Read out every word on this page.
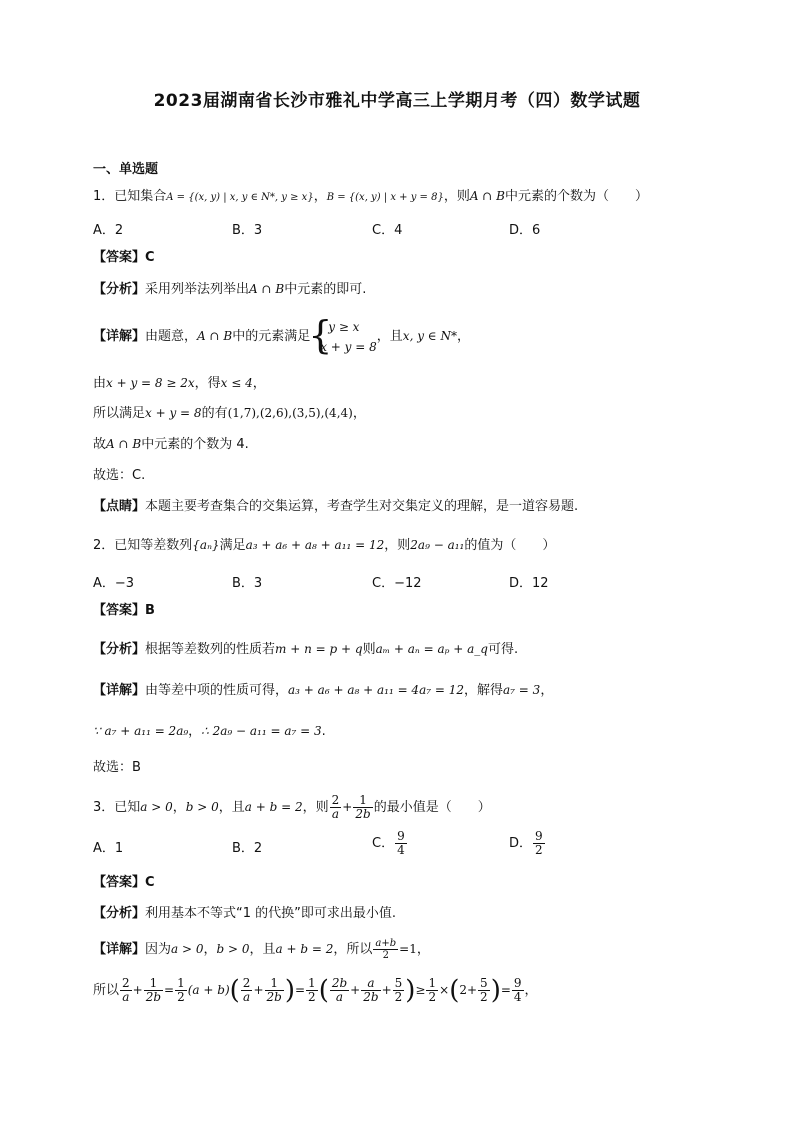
2023届湖南省长沙市雅礼中学高三上学期月考（四）数学试题
一、单选题
1．已知集合A = {(x, y) | x, y ∈ N*, y ≥ x}，B = {(x, y) | x + y = 8}，则A ∩ B中元素的个数为（　　）
A．2	B．3	C．4	D．6
【答案】C
【分析】采用列举法列举出A ∩ B中元素的即可.
【详解】由题意，A ∩ B中的元素满足
{ y ≥ x
x + y = 8
，且x, y ∈ N*，
由x + y = 8 ≥ 2x，得x ≤ 4，
所以满足x + y = 8的有(1,7),(2,6),(3,5),(4,4)，
故A ∩ B中元素的个数为 4.
故选：C.
【点睛】本题主要考查集合的交集运算，考查学生对交集定义的理解，是一道容易题.
2．已知等差数列{aₙ}满足a₃ + a₆ + a₈ + a₁₁ = 12，则2a₉ − a₁₁的值为（　　）
A．−3	B．3	C．−12	D．12
【答案】B
【分析】根据等差数列的性质若m + n = p + q则aₘ + aₙ = aₚ + a_q可得.
【详解】由等差中项的性质可得，a₃ + a₆ + a₈ + a₁₁ = 4a₇ = 12，解得a₇ = 3，
∵ a₇ + a₁₁ = 2a₉，∴ 2a₉ − a₁₁ = a₇ = 3.
故选：B
3．已知a > 0，b > 0，且a + b = 2，则 $\frac{2}{a} + \frac{1}{2b}$ 的最小值是（　　）
A．1	B．2	C． $\frac{9}{4}$	D． $\frac{9}{2}$
【答案】C
【分析】利用基本不等式“1 的代换”即可求出最小值.
【详解】因为a > 0，b > 0，且a + b = 2，所以 $\frac{a+b}{2} =1$，
所以 $\frac{2}{a} + \frac{1}{2b} = \frac{1}{2} (a + b)( \frac{2}{a} + \frac{1}{2b}$ )= $\frac{1}{2}$ ( $\frac{2b}{a} + \frac{a}{2b} + \frac{5}{2}$ )≥ $\frac{1}{2} \times(2+ \frac{5}{2}$ )= $\frac{9}{4}$ ，
